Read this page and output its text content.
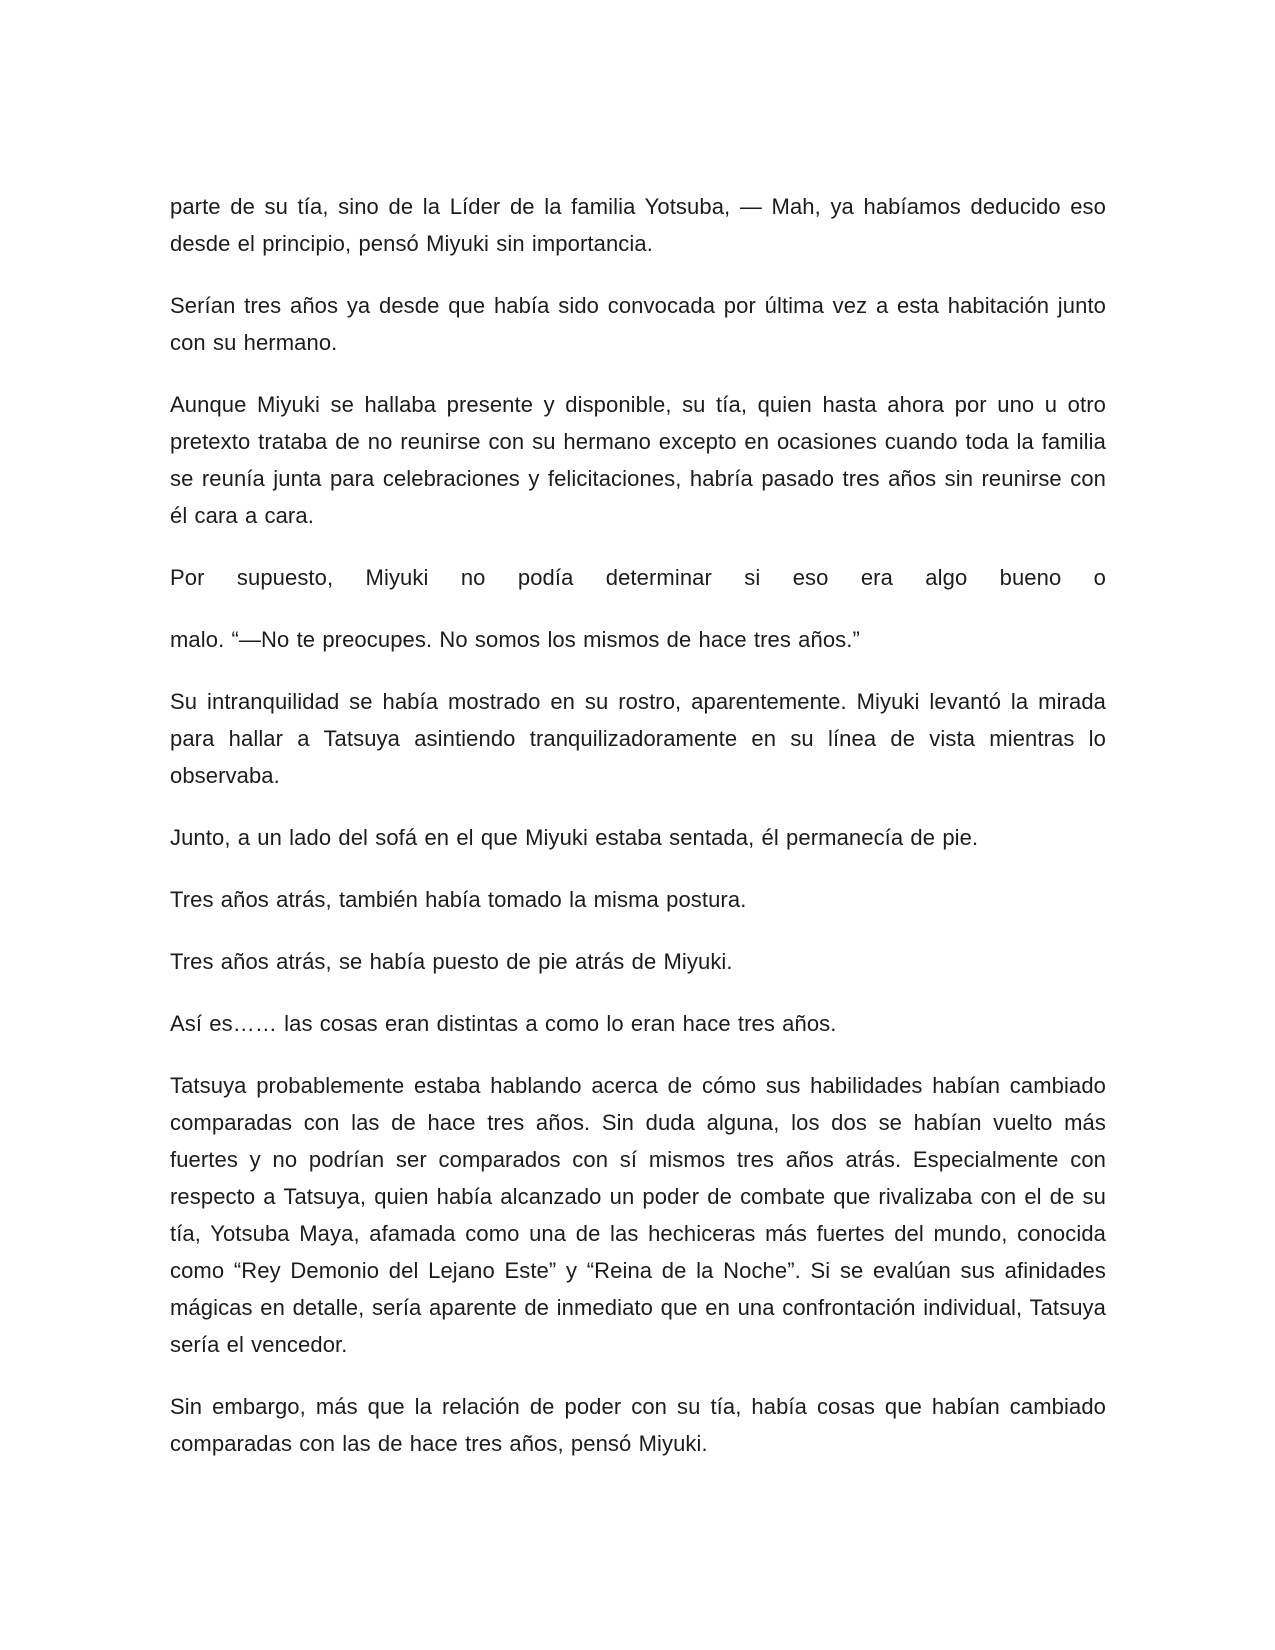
parte de su tía, sino de la Líder de la familia Yotsuba, — Mah, ya habíamos deducido eso desde el principio, pensó Miyuki sin importancia.

Serían tres años ya desde que había sido convocada por última vez a esta habitación junto con su hermano.

Aunque Miyuki se hallaba presente y disponible, su tía, quien hasta ahora por uno u otro pretexto trataba de no reunirse con su hermano excepto en ocasiones cuando toda la familia se reunía junta para celebraciones y felicitaciones, habría pasado tres años sin reunirse con él cara a cara.

Por supuesto, Miyuki no podía determinar si eso era algo bueno o

malo. “—No te preocupes. No somos los mismos de hace tres años.”

Su intranquilidad se había mostrado en su rostro, aparentemente. Miyuki levantó la mirada para hallar a Tatsuya asintiendo tranquilizadoramente en su línea de vista mientras lo observaba.

Junto, a un lado del sofá en el que Miyuki estaba sentada, él permanecía de pie.

Tres años atrás, también había tomado la misma postura.

Tres años atrás, se había puesto de pie atrás de Miyuki.

Así es…… las cosas eran distintas a como lo eran hace tres años.

Tatsuya probablemente estaba hablando acerca de cómo sus habilidades habían cambiado comparadas con las de hace tres años. Sin duda alguna, los dos se habían vuelto más fuertes y no podrían ser comparados con sí mismos tres años atrás. Especialmente con respecto a Tatsuya, quien había alcanzado un poder de combate que rivalizaba con el de su tía, Yotsuba Maya, afamada como una de las hechiceras más fuertes del mundo, conocida como “Rey Demonio del Lejano Este” y “Reina de la Noche”. Si se evalúan sus afinidades mágicas en detalle, sería aparente de inmediato que en una confrontación individual, Tatsuya sería el vencedor.

Sin embargo, más que la relación de poder con su tía, había cosas que habían cambiado comparadas con las de hace tres años, pensó Miyuki.
